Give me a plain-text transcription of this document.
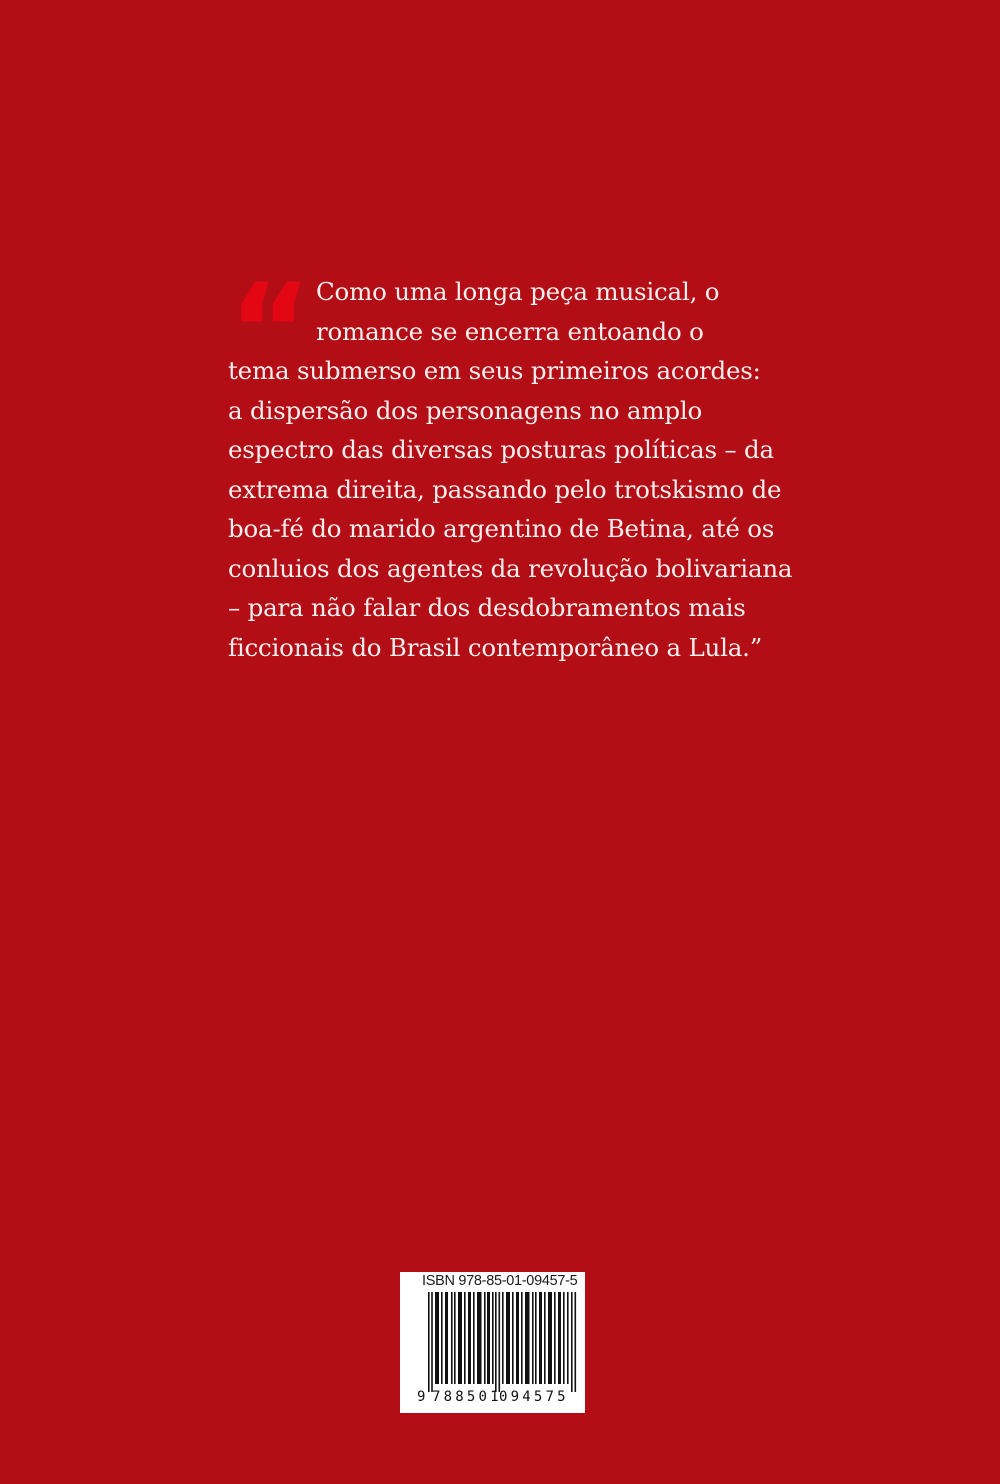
“ Como uma longa peça musical, o
romance se encerra entoando o
tema submerso em seus primeiros acordes:
a dispersão dos personagens no amplo
espectro das diversas posturas políticas – da
extrema direita, passando pelo trotskismo de
boa-fé do marido argentino de Betina, até os
conluios dos agentes da revolução bolivariana
– para não falar dos desdobramentos mais
ficcionais do Brasil contemporâneo a Lula.”
ISBN 978-85-01-09457-5
9 788501
094575
